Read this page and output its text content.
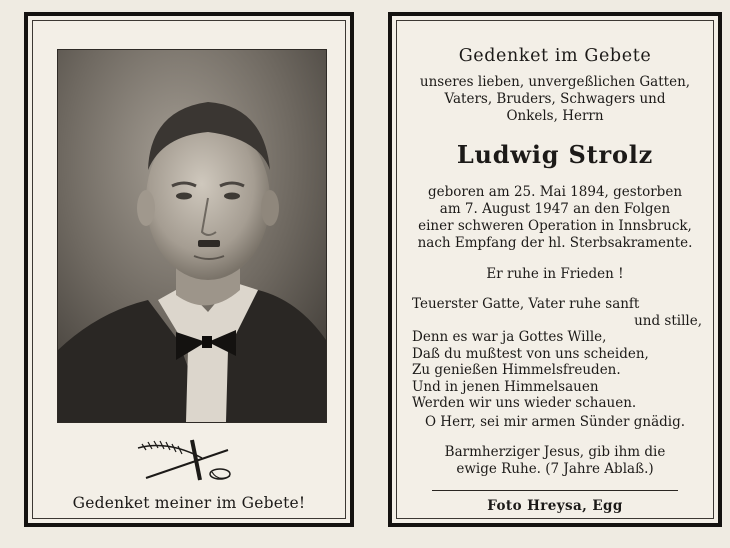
Gedenket meiner im Gebete!
Gedenket im Gebete
unseres lieben, unvergeßlichen Gatten,
Vaters, Bruders, Schwagers und
Onkels, Herrn
Ludwig Strolz
geboren am 25. Mai 1894, gestorben
am 7. August 1947 an den Folgen
einer schweren Operation in Innsbruck,
nach Empfang der hl. Sterbsakramente.
Er ruhe in Frieden !
Teuerster Gatte, Vater ruhe sanft
und stille,
Denn es war ja Gottes Wille,
Daß du mußtest von uns scheiden,
Zu genießen Himmelsfreuden.
Und in jenen Himmelsauen
Werden wir uns wieder schauen.
O Herr, sei mir armen Sünder gnädig.
Barmherziger Jesus, gib ihm die
ewige Ruhe. (7 Jahre Ablaß.)
Foto Hreysa, Egg
